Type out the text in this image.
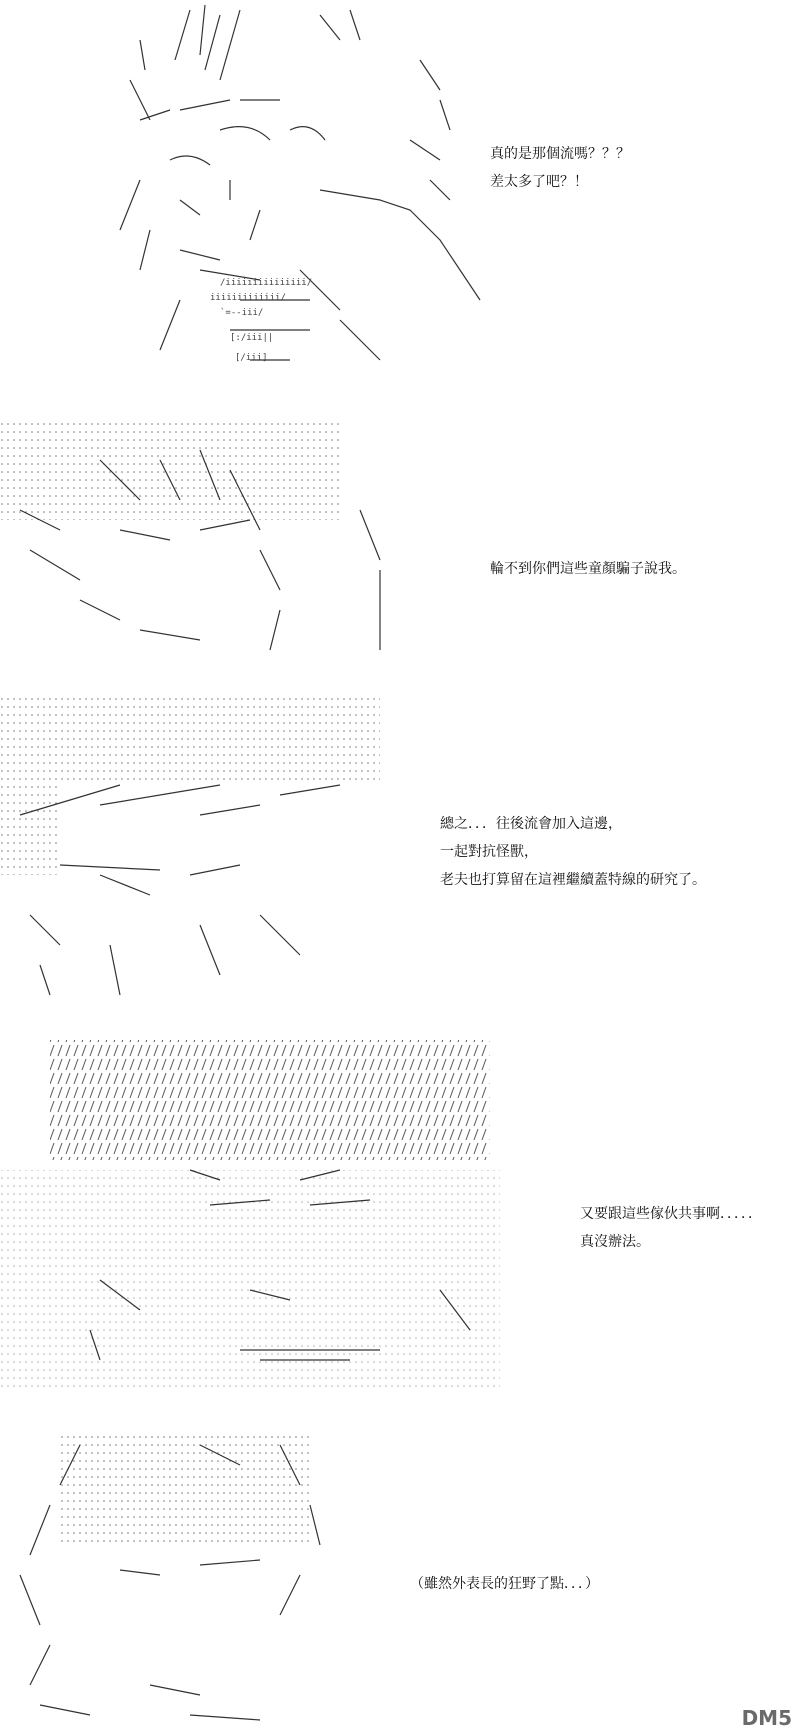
/iiiiiiiiiiiiiii/
iiiiiiiiiiiii/
`=--iii/
[:/iii||
[/iii]
真的是那個流嗎？？？
差太多了吧？！
輪不到你們這些童顏騙子說我。
總之．．．往後流會加入這邊，
一起對抗怪獸，
老夫也打算留在這裡繼續蓋特線的研究了。
又要跟這些傢伙共事啊．．．．．
真沒辦法。
（雖然外表長的狂野了點．．．）
DM5
